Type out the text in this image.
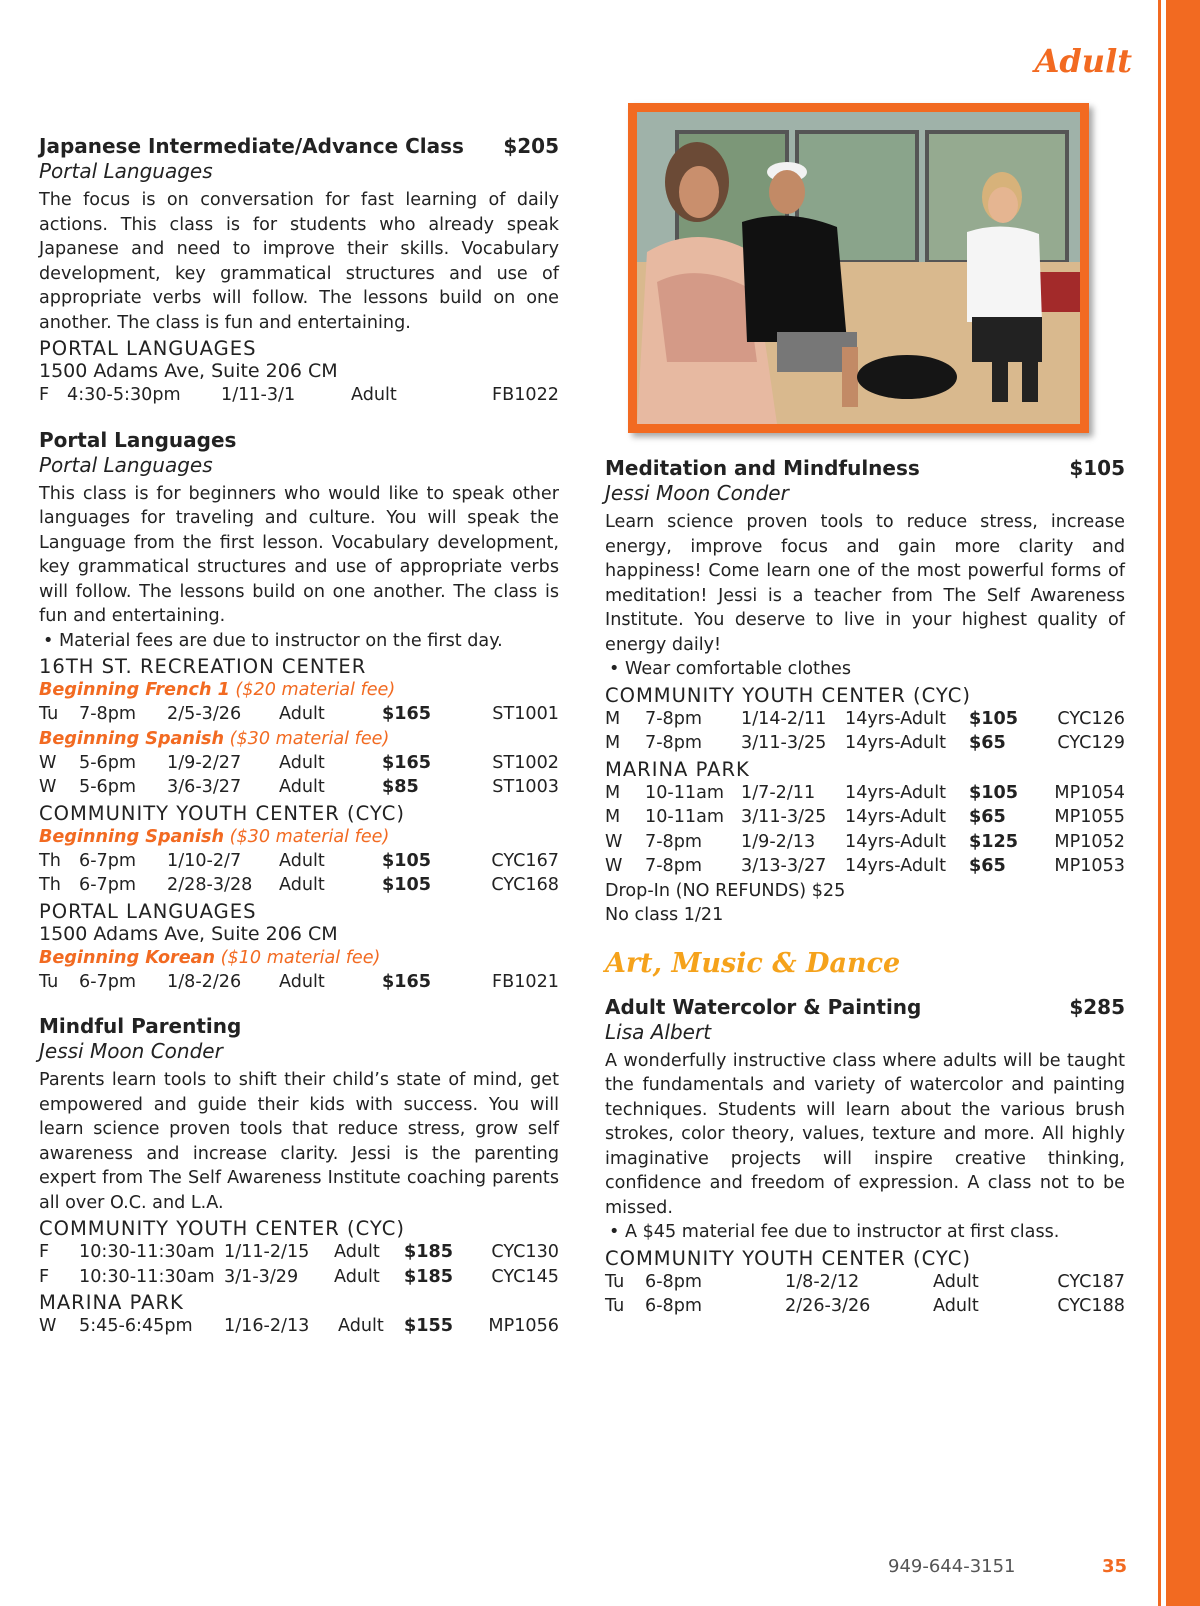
Adult
Japanese Intermediate/Advance Class $205
Portal Languages
The focus is on conversation for fast learning of daily actions. This class is for students who already speak Japanese and need to improve their skills. Vocabulary development, key grammatical structures and use of appropriate verbs will follow. The lessons build on one another. The class is fun and entertaining.
PORTAL LANGUAGES
1500 Adams Ave, Suite 206 CM
F	4:30-5:30pm	1/11-3/1	Adult	FB1022
Portal Languages
Portal Languages
This class is for beginners who would like to speak other languages for traveling and culture. You will speak the Language from the first lesson. Vocabulary development, key grammatical structures and use of appropriate verbs will follow. The lessons build on one another. The class is fun and entertaining.
• Material fees are due to instructor on the first day.
16TH ST. RECREATION CENTER
Beginning French 1 ($20 material fee)
Tu	7-8pm	2/5-3/26	Adult	$165	ST1001
Beginning Spanish ($30 material fee)
W	5-6pm	1/9-2/27	Adult	$165	ST1002
W	5-6pm	3/6-3/27	Adult	$85	ST1003
COMMUNITY YOUTH CENTER (CYC)
Beginning Spanish ($30 material fee)
Th	6-7pm	1/10-2/7	Adult	$105	CYC167
Th	6-7pm	2/28-3/28	Adult	$105	CYC168
PORTAL LANGUAGES
1500 Adams Ave, Suite 206 CM
Beginning Korean ($10 material fee)
Tu	6-7pm	1/8-2/26	Adult	$165	FB1021
Mindful Parenting
Jessi Moon Conder
Parents learn tools to shift their child’s state of mind, get empowered and guide their kids with success. You will learn science proven tools that reduce stress, grow self awareness and increase clarity. Jessi is the parenting expert from The Self Awareness Institute coaching parents all over O.C. and L.A.
COMMUNITY YOUTH CENTER (CYC)
F	10:30-11:30am 1/11-2/15	Adult	$185	CYC130
F	10:30-11:30am 3/1-3/29	Adult	$185	CYC145
MARINA PARK
W	5:45-6:45pm	1/16-2/13	Adult	$155	MP1056
Meditation and Mindfulness	$105
Jessi Moon Conder
Learn science proven tools to reduce stress, increase energy, improve focus and gain more clarity and happiness! Come learn one of the most powerful forms of meditation! Jessi is a teacher from The Self Awareness Institute. You deserve to live in your highest quality of energy daily!
• Wear comfortable clothes
COMMUNITY YOUTH CENTER (CYC)
M	7-8pm	1/14-2/11	14yrs-Adult	$105	CYC126
M	7-8pm	3/11-3/25	14yrs-Adult	$65	CYC129
MARINA PARK
M	10-11am 1/7-2/11	14yrs-Adult	$105	MP1054
M	10-11am 3/11-3/25	14yrs-Adult	$65	MP1055
W	7-8pm	1/9-2/13	14yrs-Adult	$125	MP1052
W	7-8pm	3/13-3/27	14yrs-Adult	$65	MP1053
Drop-In (NO REFUNDS) $25
No class 1/21
Art, Music & Dance
Adult Watercolor & Painting	$285
Lisa Albert
A wonderfully instructive class where adults will be taught the fundamentals and variety of watercolor and painting techniques. Students will learn about the various brush strokes, color theory, values, texture and more. All highly imaginative projects will inspire creative thinking, confidence and freedom of expression. A class not to be missed.
• A $45 material fee due to instructor at first class.
COMMUNITY YOUTH CENTER (CYC)
Tu	6-8pm	1/8-2/12	Adult	CYC187
Tu	6-8pm	2/26-3/26	Adult	CYC188
949-644-3151	35
